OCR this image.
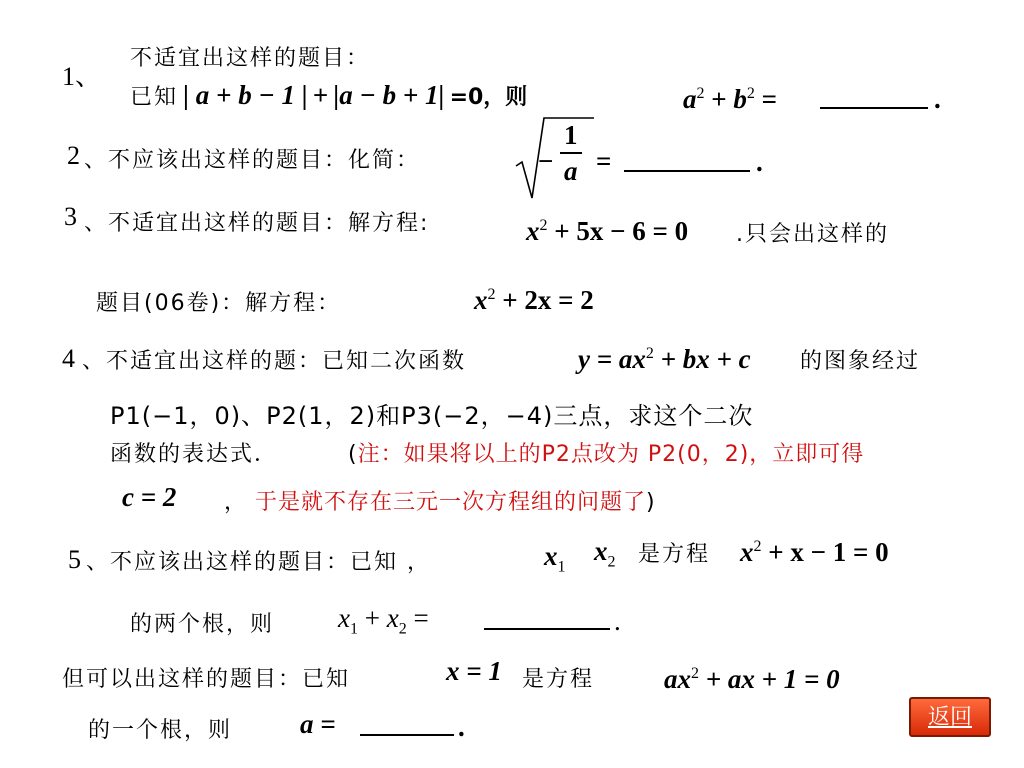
1、
不适宜出这样的题目：
已知 | a + b − 1 | + |a − b + 1| =0，则	$a^2 + b^2$ =	.
2 、不应该出这样的题目：化简：	− $\frac{1}{a}$ =	.
3 、不适宜出这样的题目：解方程:	$x^2 + 5x - 6 = 0$ .只会出这样的
题目(06卷)：解方程：	$x^2 + 2x = 2$
4 、不适宜出这样的题：已知二次函数	$y = ax^2$ + bx + c 的图象经过
P1(−1，0)、P2(1，2)和P3(−2，−4)三点，求这个二次
函数的表达式．	(注：如果将以上的P2点改为 P2(0，2)，立即可得
c = 2 ， 于是就不存在三元一次方程组的问题了)
5 、不应该出这样的题目：已知 ，	$x_1$
$x_2$ 是方程 $x^2 + x - 1 = 0$
的两个根，则 $x_1 + x_2$ =	.
但可以出这样的题目：已知	x = 1 是方程	$ax^2$ + ax + 1 = 0
的一个根，则	a =	.	返回
